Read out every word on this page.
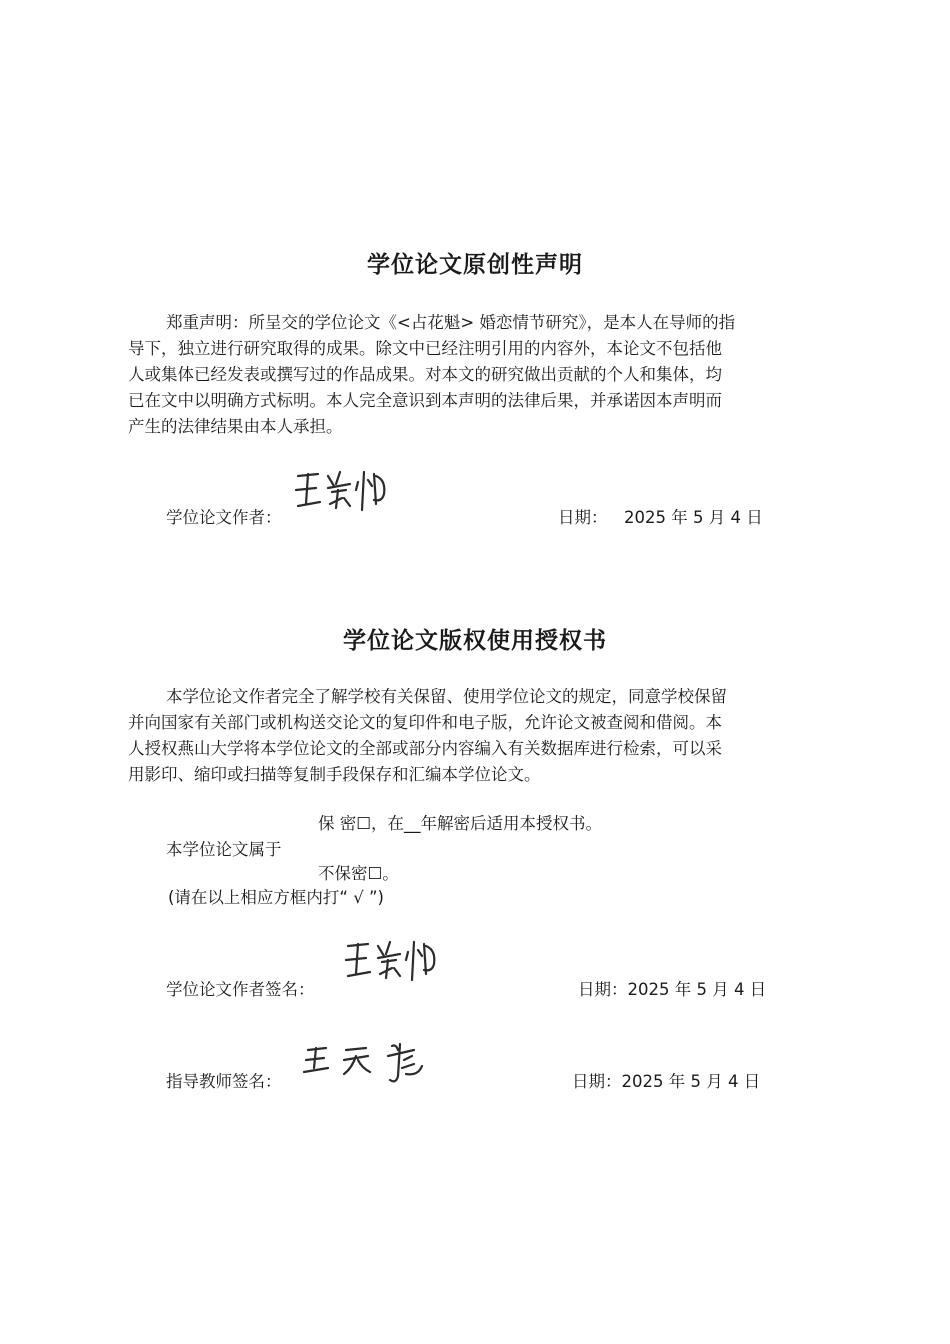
学位论文原创性声明
郑重声明：所呈交的学位论文《<占花魁> 婚恋情节研究》，是本人在导师的指
导下，独立进行研究取得的成果。除文中已经注明引用的内容外，本论文不包括他
人或集体已经发表或撰写过的作品成果。对本文的研究做出贡献的个人和集体，均
已在文中以明确方式标明。本人完全意识到本声明的法律后果，并承诺因本声明而
产生的法律结果由本人承担。
学位论文作者：	日期： 2025 年 5 月 4 日
学位论文版权使用授权书
本学位论文作者完全了解学校有关保留、使用学位论文的规定，同意学校保留
并向国家有关部门或机构送交论文的复印件和电子版，允许论文被查阅和借阅。本
人授权燕山大学将本学位论文的全部或部分内容编入有关数据库进行检索，可以采
用影印、缩印或扫描等复制手段保存和汇编本学位论文。
保 密☐，在__年解密后适用本授权书。
本学位论文属于
不保密☐。
(请在以上相应方框内打“ √ ”)
学位论文作者签名：	日期：2025 年 5 月 4 日
指导教师签名：	日期：2025 年 5 月 4 日
